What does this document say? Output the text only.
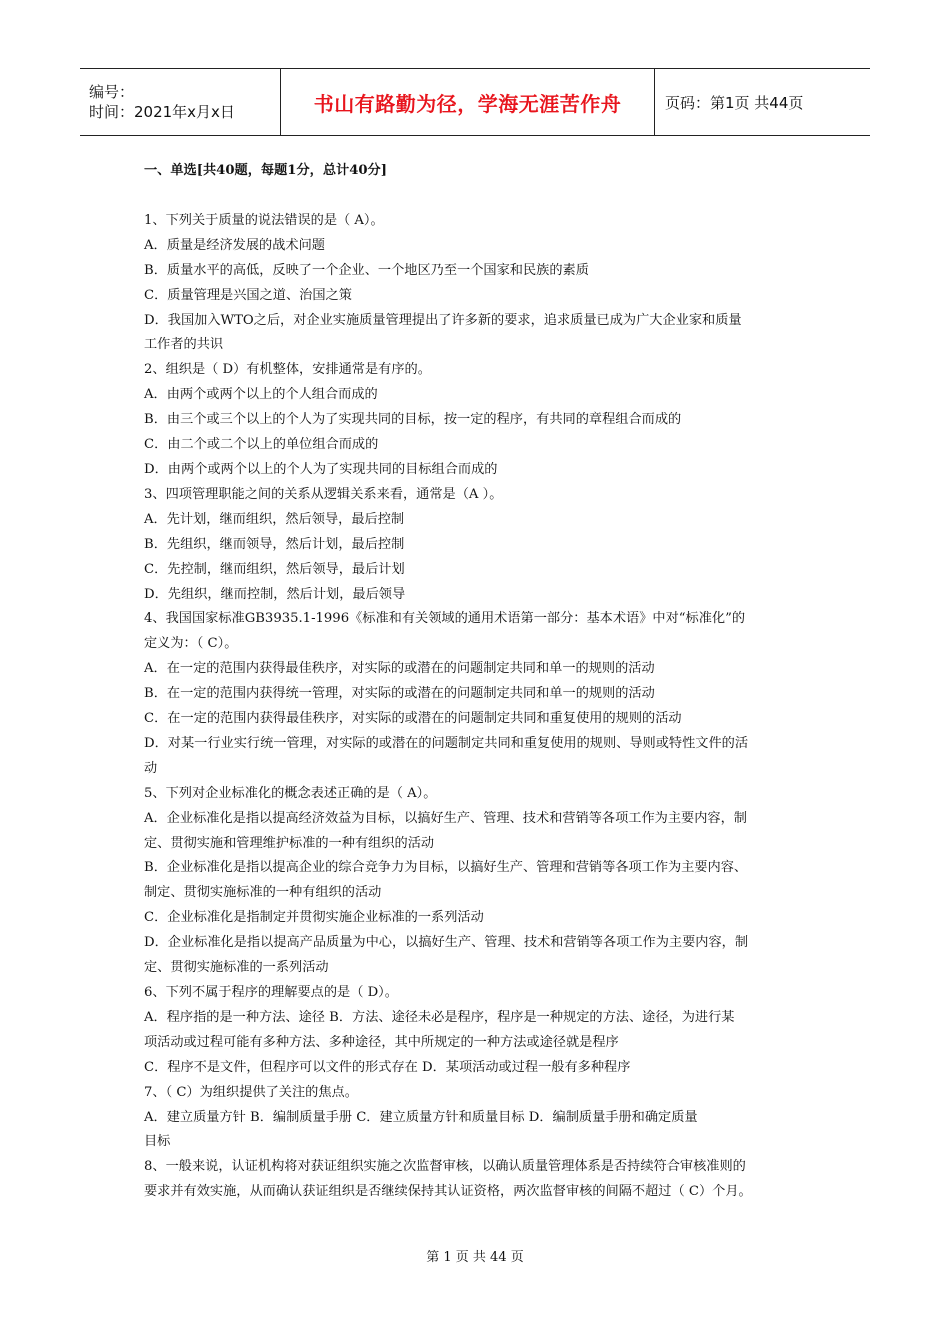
编号：
时间：2021年x月x日	书山有路勤为径，学海无涯苦作舟	页码：第1页 共44页
一、单选[共40题，每题1分，总计40分]
1、下列关于质量的说法错误的是（ A）。
A．质量是经济发展的战术问题
B．质量水平的高低，反映了一个企业、一个地区乃至一个国家和民族的素质
C．质量管理是兴国之道、治国之策
D．我国加入WTO之后，对企业实施质量管理提出了许多新的要求，追求质量已成为广大企业家和质量
工作者的共识
2、组织是（ D）有机整体，安排通常是有序的。
A．由两个或两个以上的个人组合而成的
B．由三个或三个以上的个人为了实现共同的目标，按一定的程序，有共同的章程组合而成的
C．由二个或二个以上的单位组合而成的
D．由两个或两个以上的个人为了实现共同的目标组合而成的
3、四项管理职能之间的关系从逻辑关系来看，通常是（A ）。
A．先计划，继而组织，然后领导，最后控制
B．先组织，继而领导，然后计划，最后控制
C．先控制，继而组织，然后领导，最后计划
D．先组织，继而控制，然后计划，最后领导
4、我国国家标准GB3935.1-1996《标准和有关领域的通用术语第一部分：基本术语》中对“标准化”的
定义为：（ C）。
A．在一定的范围内获得最佳秩序，对实际的或潜在的问题制定共同和单一的规则的活动
B．在一定的范围内获得统一管理，对实际的或潜在的问题制定共同和单一的规则的活动
C．在一定的范围内获得最佳秩序，对实际的或潜在的问题制定共同和重复使用的规则的活动
D．对某一行业实行统一管理，对实际的或潜在的问题制定共同和重复使用的规则、导则或特性文件的活
动
5、下列对企业标准化的概念表述正确的是（ A）。
A．企业标准化是指以提高经济效益为目标，以搞好生产、管理、技术和营销等各项工作为主要内容，制
定、贯彻实施和管理维护标准的一种有组织的活动
B．企业标准化是指以提高企业的综合竞争力为目标，以搞好生产、管理和营销等各项工作为主要内容、
制定、贯彻实施标准的一种有组织的活动
C．企业标准化是指制定并贯彻实施企业标准的一系列活动
D．企业标准化是指以提高产品质量为中心，以搞好生产、管理、技术和营销等各项工作为主要内容，制
定、贯彻实施标准的一系列活动
6、下列不属于程序的理解要点的是（ D）。
A．程序指的是一种方法、途径 B．方法、途径未必是程序，程序是一种规定的方法、途径，为进行某
项活动或过程可能有多种方法、多种途径，其中所规定的一种方法或途径就是程序
C．程序不是文件，但程序可以文件的形式存在 D．某项活动或过程一般有多种程序
7、（ C）为组织提供了关注的焦点。
A．建立质量方针 B．编制质量手册 C．建立质量方针和质量目标 D．编制质量手册和确定质量
目标
8、一般来说，认证机构将对获证组织实施之次监督审核，以确认质量管理体系是否持续符合审核准则的
要求并有效实施，从而确认获证组织是否继续保持其认证资格，两次监督审核的间隔不超过（ C）个月。
第 1 页 共 44 页
